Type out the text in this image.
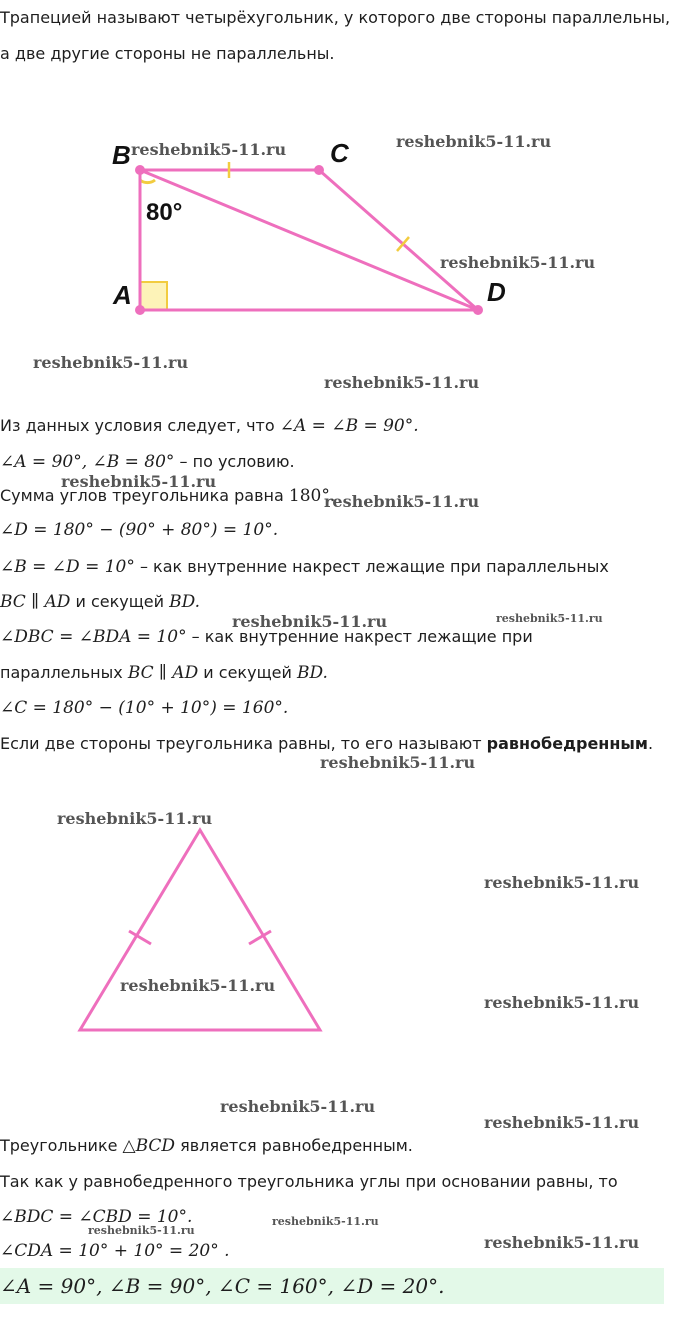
Трапецией называют четырёхугольник, у которого две стороны параллельны,
а две другие стороны не параллельны.
B	C
A	D
80°
Из данных условия следует, что ∠A = ∠B = 90°.
∠A = 90°, ∠B = 80° – по условию.
Сумма углов треугольника равна 180°.
∠D = 180° − (90° + 80°) = 10°.
∠B = ∠D = 10° – как внутренние накрест лежащие при параллельных
BC ∥ AD и секущей BD.
∠DBC = ∠BDA = 10° – как внутренние накрест лежащие при
параллельных BC ∥ AD и секущей BD.
∠C = 180° − (10° + 10°) = 160°.
Если две стороны треугольника равны, то его называют равнобедренным.
Треугольнике △BCD является равнобедренным.
Так как у равнобедренного треугольника углы при основании равны, то
∠BDC = ∠CBD = 10°.
∠CDA = 10° + 10° = 20° .
∠A = 90°, ∠B = 90°, ∠C = 160°, ∠D = 20°.
reshebnik5-11.ru	reshebnik5-11.ru
reshebnik5-11.ru
reshebnik5-11.ru
reshebnik5-11.ru
reshebnik5-11.ru
reshebnik5-11.ru
reshebnik5-11.ru	reshebnik5-11.ru
reshebnik5-11.ru
reshebnik5-11.ru
reshebnik5-11.ru
reshebnik5-11.ru
reshebnik5-11.ru
reshebnik5-11.ru
reshebnik5-11.ru
reshebnik5-11.ru
reshebnik5-11.ru
reshebnik5-11.ru
